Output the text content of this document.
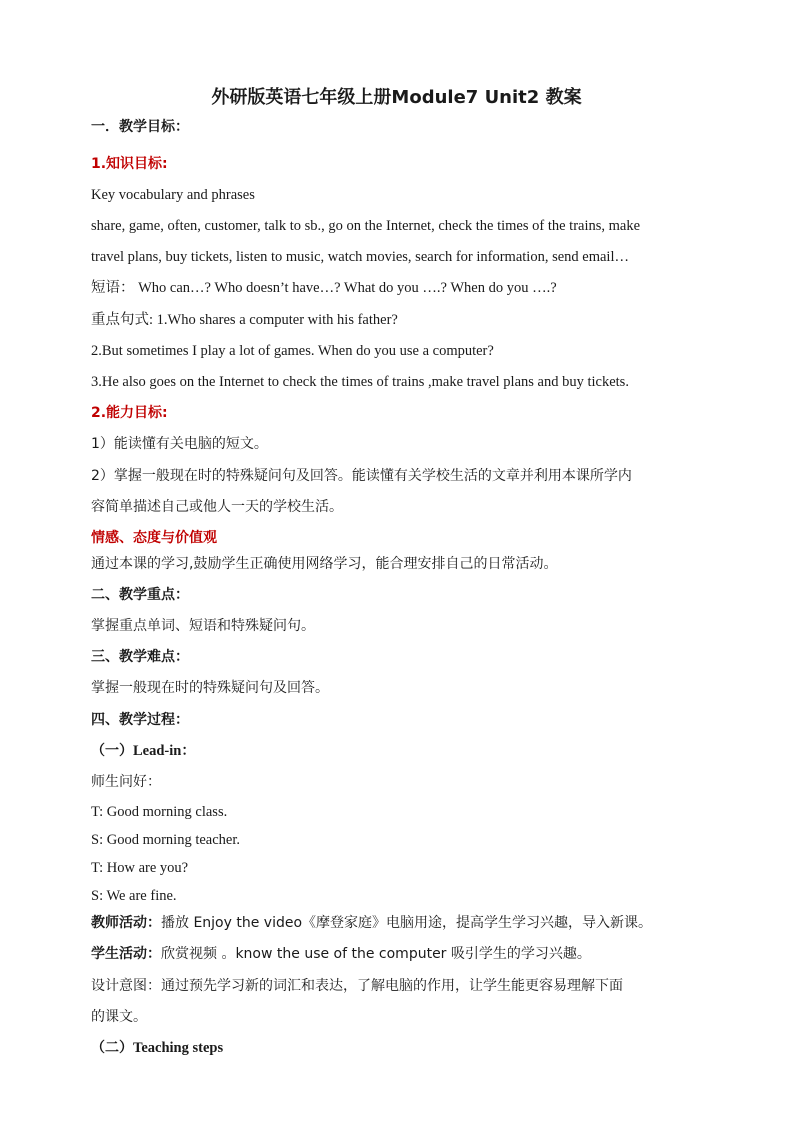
外研版英语七年级上册Module7 Unit2 教案
一．教学目标：
1.知识目标:
Key vocabulary and phrases
share, game, often, customer, talk to sb., go on the Internet, check the times of the trains, make
travel plans, buy tickets, listen to music, watch movies, search for information, send email…
短语： Who can…? Who doesn’t have…? What do you ….? When do you ….?
重点句式: 1.Who shares a computer with his father?
2.But sometimes I play a lot of games. When do you use a computer?
3.He also goes on the Internet to check the times of trains ,make travel plans and buy tickets.
2.能力目标:
1）能读懂有关电脑的短文。
2）掌握一般现在时的特殊疑问句及回答。能读懂有关学校生活的文章并利用本课所学内
容简单描述自己或他人一天的学校生活。
情感、态度与价值观
通过本课的学习,鼓励学生正确使用网络学习，能合理安排自己的日常活动。
二、教学重点：
掌握重点单词、短语和特殊疑问句。
三、教学难点：
掌握一般现在时的特殊疑问句及回答。
四、教学过程：
（一）Lead-in：
师生问好：
T: Good morning class.
S: Good morning teacher.
T: How are you?
S: We are fine.
教师活动：播放 Enjoy the video《摩登家庭》电脑用途，提高学生学习兴趣，导入新课。
学生活动：欣赏视频 。know the use of the computer 吸引学生的学习兴趣。
设计意图：通过预先学习新的词汇和表达，了解电脑的作用，让学生能更容易理解下面
的课文。
（二）Teaching steps
